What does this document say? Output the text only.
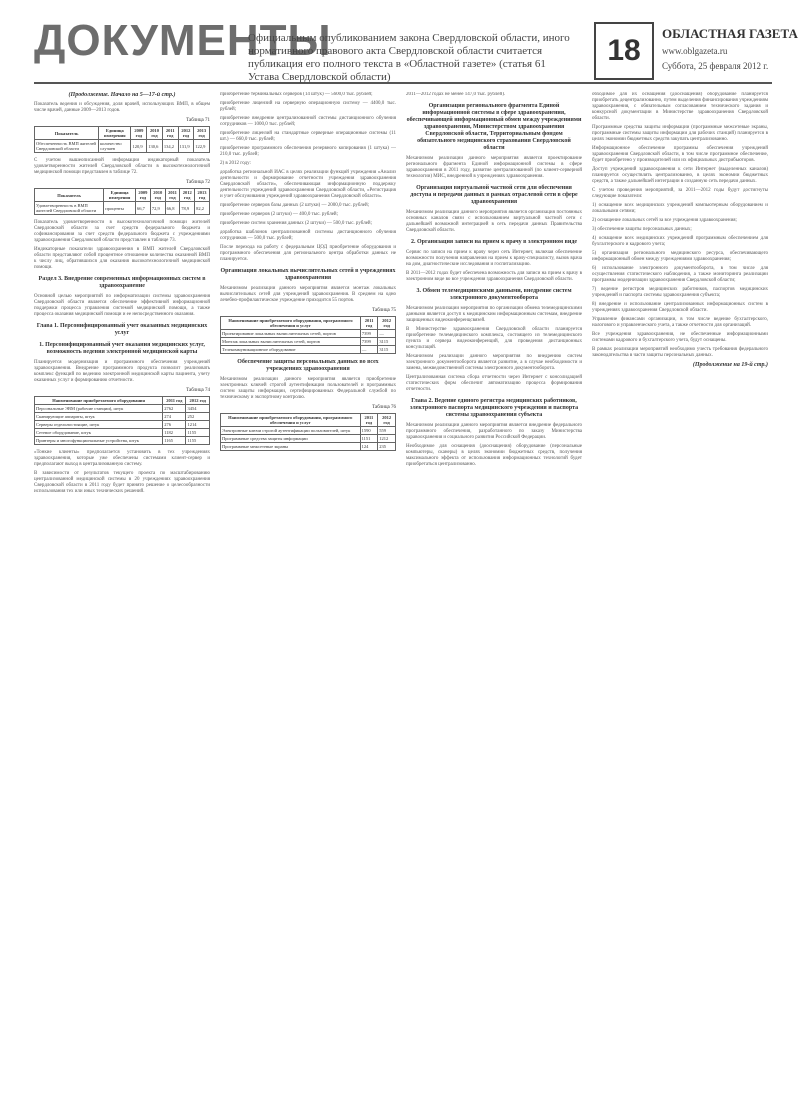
ДОКУМЕНТЫ
Официальным опубликованием закона Свердловской области, иного нормативного правового акта Свердловской области считается публикация его полного текста в «Областной газете» (статья 61 Устава Свердловской области)
18
ОБЛАСТНАЯ ГАЗЕТА
www.oblgazeta.ru
Суббота, 25 февраля 2012 г.
(Продолжение. Начало на 5—17-й стр.)

Показатель ведения и обсуждения, доля врачей, использующих ВМП, в общем числе врачей, данные 2009—2013 годов.

Таблица 71
Показатель	Единица измерения	2009 год	2010 год	2011 год	2012 год	2013 год
Обеспеченность ВМП жителей Свердловской области	количество случаев	120,9	130,6	134,2	131,9	122,9

С учетом вышеописанной информации индикаторный показатель удовлетворенности жителей Свердловской области в высокотехнологичной медицинской помощи представлен в таблице 72.

Таблица 72
Показатель	Единица измерения	2009 год	2010 год	2011 год	2012 год	2013 год
Удовлетворенность в ВМП жителей Свердловской области	проценты	66,7	72,9	66,8	78,9	82,2

Показатель удовлетворенности в высокотехнологичной помощи жителей Свердловской области за счет средств федерального бюджета и софинансирования за счет средств федерального бюджета с учреждениями здравоохранения Свердловской области представлен в таблице 73.

Индикаторные показатели здравоохранения в ВМП жителей Свердловской области представляют собой процентное отношение количества оказанной ВМП к числу лиц, обратившихся для оказания высокотехнологичной медицинской помощи.

Раздел 3. Внедрение современных информационных систем в здравоохранение

Основной целью мероприятий по информатизации системы здравоохранения Свердловской области является обеспечение эффективной информационной поддержки процесса управления системой медицинской помощи, а также процесса оказания медицинской помощи и ее непосредственного оказания.

Глава 1. Персонифицированный учет оказанных медицинских услуг

1. Персонифицированный учет оказания медицинских услуг, возможность ведения электронной медицинской карты

Планируется модернизация и программного обеспечения учреждений здравоохранения. Внедрение программного продукта позволит реализовать комплекс функций по ведению электронной медицинской карты пациента, учету оказанных услуг и формированию отчетности.

Таблица 74
Наименование приобретаемого оборудования	2011 год	2012 год
Персональные ЭВМ (рабочие станции), штук	2762	3454
Сканирующие аппараты, штук	274	252
Серверы отдельностоящие, штук	276	1214
Сетевое оборудование, штук	1182	1155
Принтеры и многофункциональные устройства, штук	1165	1155

«Тонкие клиенты» предполагается установить в тех учреждениях здравоохранения, которые уже обеспечены системами клиент-сервер и предполагают выход в централизованную систему.

В зависимости от результатов текущего проекта по масштабированию централизованной медицинской системы в 20 учреждениях здравоохранения Свердловской области в 2011 году будет принято решение о целесообразности использования тех или иных технических решений.

приобретение терминальных серверов (14 штук) — 5600,0 тыс. рублей;

приобретение лицензий на серверную операционную систему — 4400,0 тыс. рублей;

приобретение внедрение централизованной системы дистанционного обучения сотрудников — 1000,0 тыс. рублей;

приобретение лицензий на стандартные серверные операционные системы (11 шт.) — 660,0 тыс. рублей;

приобретение программного обеспечения резервного копирования (1 штука) — 210,0 тыс. рублей;

2) в 2012 году:

доработка региональной ИАС в целях реализации функций учреждения «Анализ деятельности и формирование отчетности учреждения здравоохранения Свердловской области», обеспечивающая информационную поддержку деятельности учреждений здравоохранения Свердловской области, «Регистрация и учет обслуживания учреждений здравоохранения Свердловской области».

приобретение серверов базы данных (2 штуки) — 2000,0 тыс. рублей;

приобретение серверов (2 штуки) — 400,0 тыс. рублей;

приобретение систем хранения данных (2 штуки) — 500,0 тыс. рублей;

доработка шаблонов централизованной системы дистанционного обучения сотрудников — 500,0 тыс. рублей;

После перехода на работу с федеральным ЦОД приобретение оборудования и программного обеспечения для регионального центра обработки данных не планируется.

Организация локальных вычислительных сетей в учреждениях здравоохранения

Механизмом реализации данного мероприятия является монтаж локальных вычислительных сетей для учреждений здравоохранения. В среднем на одно лечебно-профилактическое учреждение приходится 55 портов.

Таблица 75
Наименование приобретаемого оборудования, программного обеспечения и услуг	2011 год	2012 год
Проектирование локальных вычислительных сетей, портов	7399	—
Монтаж локальных вычислительных сетей, портов	7399	3115
Телекоммуникационное оборудование	—	3115

Обеспечение защиты персональных данных во всех учреждениях здравоохранения

Механизмом реализации данного мероприятия является приобретение электронных ключей строгой аутентификации пользователей и программных систем защиты информации, сертифицированных Федеральной службой по техническому и экспортному контролю.

Таблица 76
Наименование приобретаемого оборудования, программного обеспечения и услуг	2011 год	2012 год
Электронные ключи строгой аутентификации пользователей, штук	1590	559
Программные средства защиты информации	1151	1212
Программные межсетевые экраны	124	235

2011—2012 годах не менее 147,0 тыс. рублей).

Организация регионального фрагмента Единой информационной системы в сфере здравоохранения, обеспечивающей информационный обмен между учреждениями здравоохранения, Министерством здравоохранения Свердловской области, Территориальным фондом обязательного медицинского страхования Свердловской области

Механизмом реализации данного мероприятия является проектирование регионального фрагмента Единой информационной системы в сфере здравоохранения в 2011 году, развитие централизованной (по клиент-серверной технологии) МИС, внедренной в учреждениях здравоохранения.

Организация виртуальной частной сети для обеспечения доступа и передачи данных в рамках отраслевой сети в сфере здравоохранения

Механизмом реализации данного мероприятия является организация постоянных основных каналов связи с использованием виртуальной частной сети с дальнейшей возможной интеграцией в сеть передачи данных Правительства Свердловской области.

2. Организация записи на прием к врачу в электронном виде

Сервис по записи на прием к врачу через сеть Интернет, включая обеспечение возможности получения направления на прием к врачу-специалисту, вызов врача на дом, диагностические исследования и госпитализацию.

В 2011—2012 годах будет обеспечена возможность для записи на прием к врачу в электронном виде во все учреждения здравоохранения Свердловской области.

3. Обмен телемедицинскими данными, внедрение систем электронного документооборота

Механизмом реализации мероприятия по организации обмена телемедицинскими данными является доступ к медицинским информационным системам, внедрение защищенных видеоконференцсвязей.

В Министерстве здравоохранения Свердловской области планируется приобретение телемедицинского комплекса, состоящего из телемедицинского пункта и сервера видеоконференций, для проведения дистанционных консультаций.

Механизмом реализации данного мероприятия по внедрению систем электронного документооборота является развитие, а в случае необходимости и замена, межведомственной системы электронного документооборота.

Централизованная система сбора отчетности через Интернет с консолидацией статистических форм обеспечит автоматизацию процесса формирования отчетности.

Глава 2. Ведение единого регистра медицинских работников, электронного паспорта медицинского учреждения и паспорта системы здравоохранения субъекта

Механизмом реализации данного мероприятия является внедрение федерального программного обеспечения, разработанного по заказу Министерства здравоохранения и социального развития Российской Федерации.

Необходимое для оснащения (дооснащения) оборудование (персональные компьютеры, сканеры) в целях экономии бюджетных средств, получения максимального эффекта от использования информационных технологий будет приобретаться централизованно.

обходимое для их оснащения (дооснащения) оборудование планируется приобретать децентрализованно, путем выделения финансирования учреждениям здравоохранения, с обязательным согласованием технического задания и конкурсной документации в Министерстве здравоохранения Свердловской области.

Программные средства защиты информации (программные межсетевые экраны, программные системы защиты информации для рабочих станций) планируется в целях экономии бюджетных средств закупать централизованно.

Информационное обеспечение программы обеспечения учреждений здравоохранения Свердловской области, в том числе программное обеспечение, будет приобретено у производителей или их официальных дистрибьюторов.

Доступ учреждений здравоохранения к сети Интернет (выделенных каналов) планируется осуществлять централизованно, в целях экономии бюджетных средств, а также дальнейшей интеграции в созданную сеть передачи данных.

С учетом проведения мероприятий, за 2011—2012 годы будут достигнуты следующие показатели:

1) оснащение всех медицинских учреждений компьютерным оборудованием и локальными сетями;

2) оснащение локальных сетей за все учреждения здравоохранения;

3) обеспечение защиты персональных данных;

4) оснащение всех медицинских учреждений программным обеспечением для бухгалтерского и кадрового учета;

5) организация регионального медицинского ресурса, обеспечивающего информационный обмен между учреждениями здравоохранения;

6) использование электронного документооборота, в том числе для осуществления статистического наблюдения, а также мониторинга реализации программы модернизации здравоохранения Свердловской области;

7) ведение регистров медицинских работников, паспортов медицинских учреждений и паспорта системы здравоохранения субъекта;

8) внедрение и использование централизованных информационных систем в учреждениях здравоохранения Свердловской области.

Управление финансами организации, в том числе ведение бухгалтерского, налогового и управленческого учета, а также отчетности для организаций.

Все учреждения здравоохранения, не обеспеченные информационными системами кадрового и бухгалтерского учета, будут оснащены.

В рамках реализации мероприятий необходимо учесть требования федерального законодательства в части защиты персональных данных.

(Продолжение на 19-й стр.)
